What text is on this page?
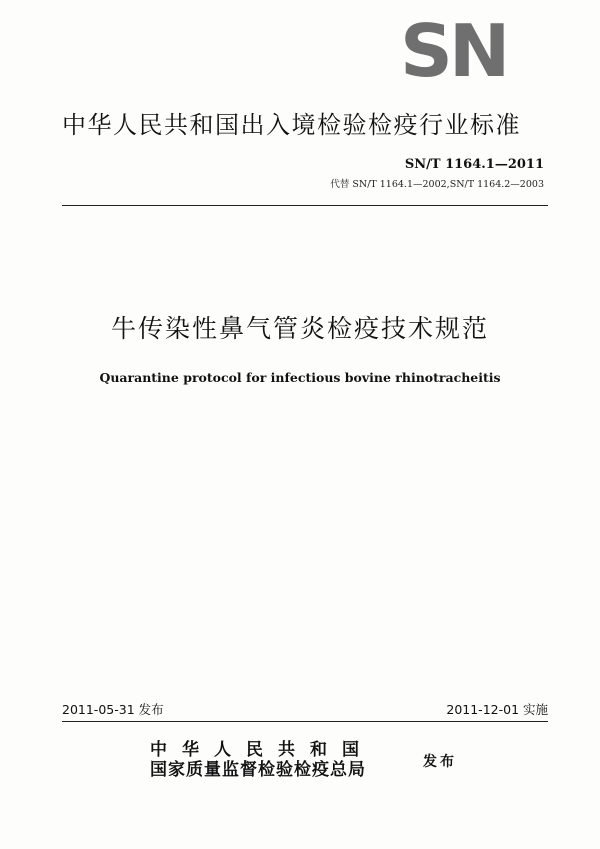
SN
中华人民共和国出入境检验检疫行业标准
SN/T 1164.1—2011
代替 SN/T 1164.1—2002,SN/T 1164.2—2003
牛传染性鼻气管炎检疫技术规范
Quarantine protocol for infectious bovine rhinotracheitis
2011-05-31 发布	2011-12-01 实施
中华人民共和国
国家质量监督检验检疫总局	发布
